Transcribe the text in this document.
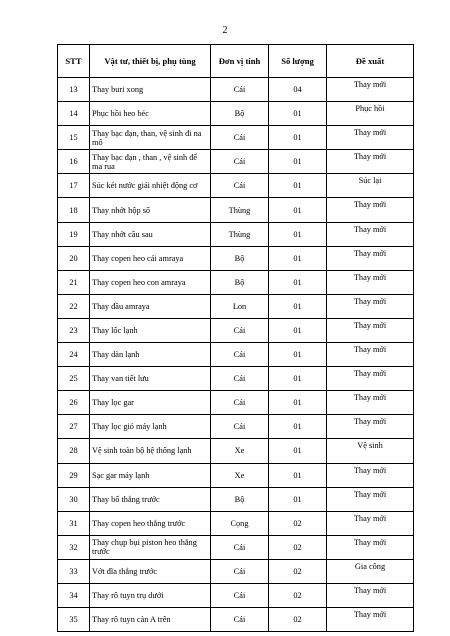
2
STT	Vật tư, thiết bị, phụ tùng	Đơn vị tính	Số lượng	Đề xuất
13	Thay buri xong	Cái	04	Thay mới
14	Phục hồi heo béc	Bộ	01	Phục hồi
15	Thay bạc đạn, than, vệ sinh đi na mô	Cái	01	Thay mới
16	Thay bạc đạn , than , vệ sinh để ma rua	Cái	01	Thay mới
17	Súc két nước giải nhiệt động cơ	Cái	01	Súc lại
18	Thay nhớt hộp số	Thùng	01	Thay mới
19	Thay nhớt cầu sau	Thùng	01	Thay mới
20	Thay copen heo cái amraya	Bộ	01	Thay mới
21	Thay copen heo con amraya	Bộ	01	Thay mới
22	Thay đầu amraya	Lon	01	Thay mới
23	Thay lốc lạnh	Cái	01	Thay mới
24	Thay dàn lạnh	Cái	01	Thay mới
25	Thay van tiết lưu	Cái	01	Thay mới
26	Thay lọc gar	Cái	01	Thay mới
27	Thay lọc gió máy lạnh	Cái	01	Thay mới
28	Vệ sinh toàn bộ hệ thống lạnh	Xe	01	Vệ sinh
29	Sạc gar máy lạnh	Xe	01	Thay mới
30	Thay bố thắng trước	Bộ	01	Thay mới
31	Thay copen heo thắng trước	Cọng	02	Thay mới
32	Thay chụp bụi piston heo thắng trước	Cái	02	Thay mới
33	Vớt đĩa thắng trước	Cái	02	Gia công
34	Thay rô tuyn trụ dưới	Cái	02	Thay mới
35	Thay rô tuyn càn A trên	Cái	02	Thay mới
